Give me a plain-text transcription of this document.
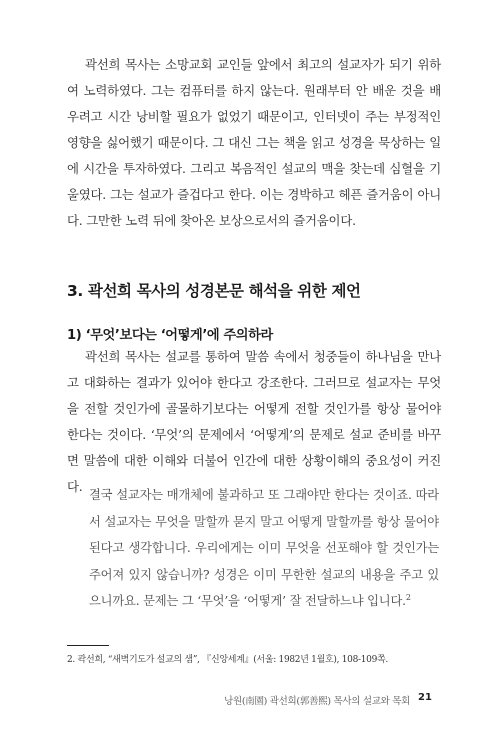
곽선희 목사는 소망교회 교인들 앞에서 최고의 설교자가 되기 위하여 노력하였다. 그는 컴퓨터를 하지 않는다. 원래부터 안 배운 것을 배우려고 시간 낭비할 필요가 없었기 때문이고, 인터넷이 주는 부정적인 영향을 싫어했기 때문이다. 그 대신 그는 책을 읽고 성경을 묵상하는 일에 시간을 투자하였다. 그리고 복음적인 설교의 맥을 찾는데 심혈을 기울였다. 그는 설교가 즐겁다고 한다. 이는 경박하고 헤픈 즐거움이 아니다. 그만한 노력 뒤에 찾아온 보상으로서의 즐거움이다.

3. 곽선희 목사의 성경본문 해석을 위한 제언
1) ‘무엇’보다는 ‘어떻게’에 주의하라

곽선희 목사는 설교를 통하여 말씀 속에서 청중들이 하나님을 만나고 대화하는 결과가 있어야 한다고 강조한다. 그러므로 설교자는 무엇을 전할 것인가에 골몰하기보다는 어떻게 전할 것인가를 항상 물어야 한다는 것이다. ‘무엇’의 문제에서 ‘어떻게’의 문제로 설교 준비를 바꾸면 말씀에 대한 이해와 더불어 인간에 대한 상황이해의 중요성이 커진다.

결국 설교자는 매개체에 불과하고 또 그래야만 한다는 것이죠. 따라서 설교자는 무엇을 말할까 묻지 말고 어떻게 말할까를 항상 물어야 된다고 생각합니다. 우리에게는 이미 무엇을 선포해야 할 것인가는 주어져 있지 않습니까? 성경은 이미 무한한 설교의 내용을 주고 있으니까요. 문제는 그 ‘무엇’을 ‘어떻게’ 잘 전달하느냐 입니다.$^2$
2. 곽선희, “새벽기도가 설교의 샘”, 『신앙세계』(서울: 1982년 1월호), 108-109쪽.
낭원(南園) 곽선희(郭善熙) 목사의 설교와 목회 21
